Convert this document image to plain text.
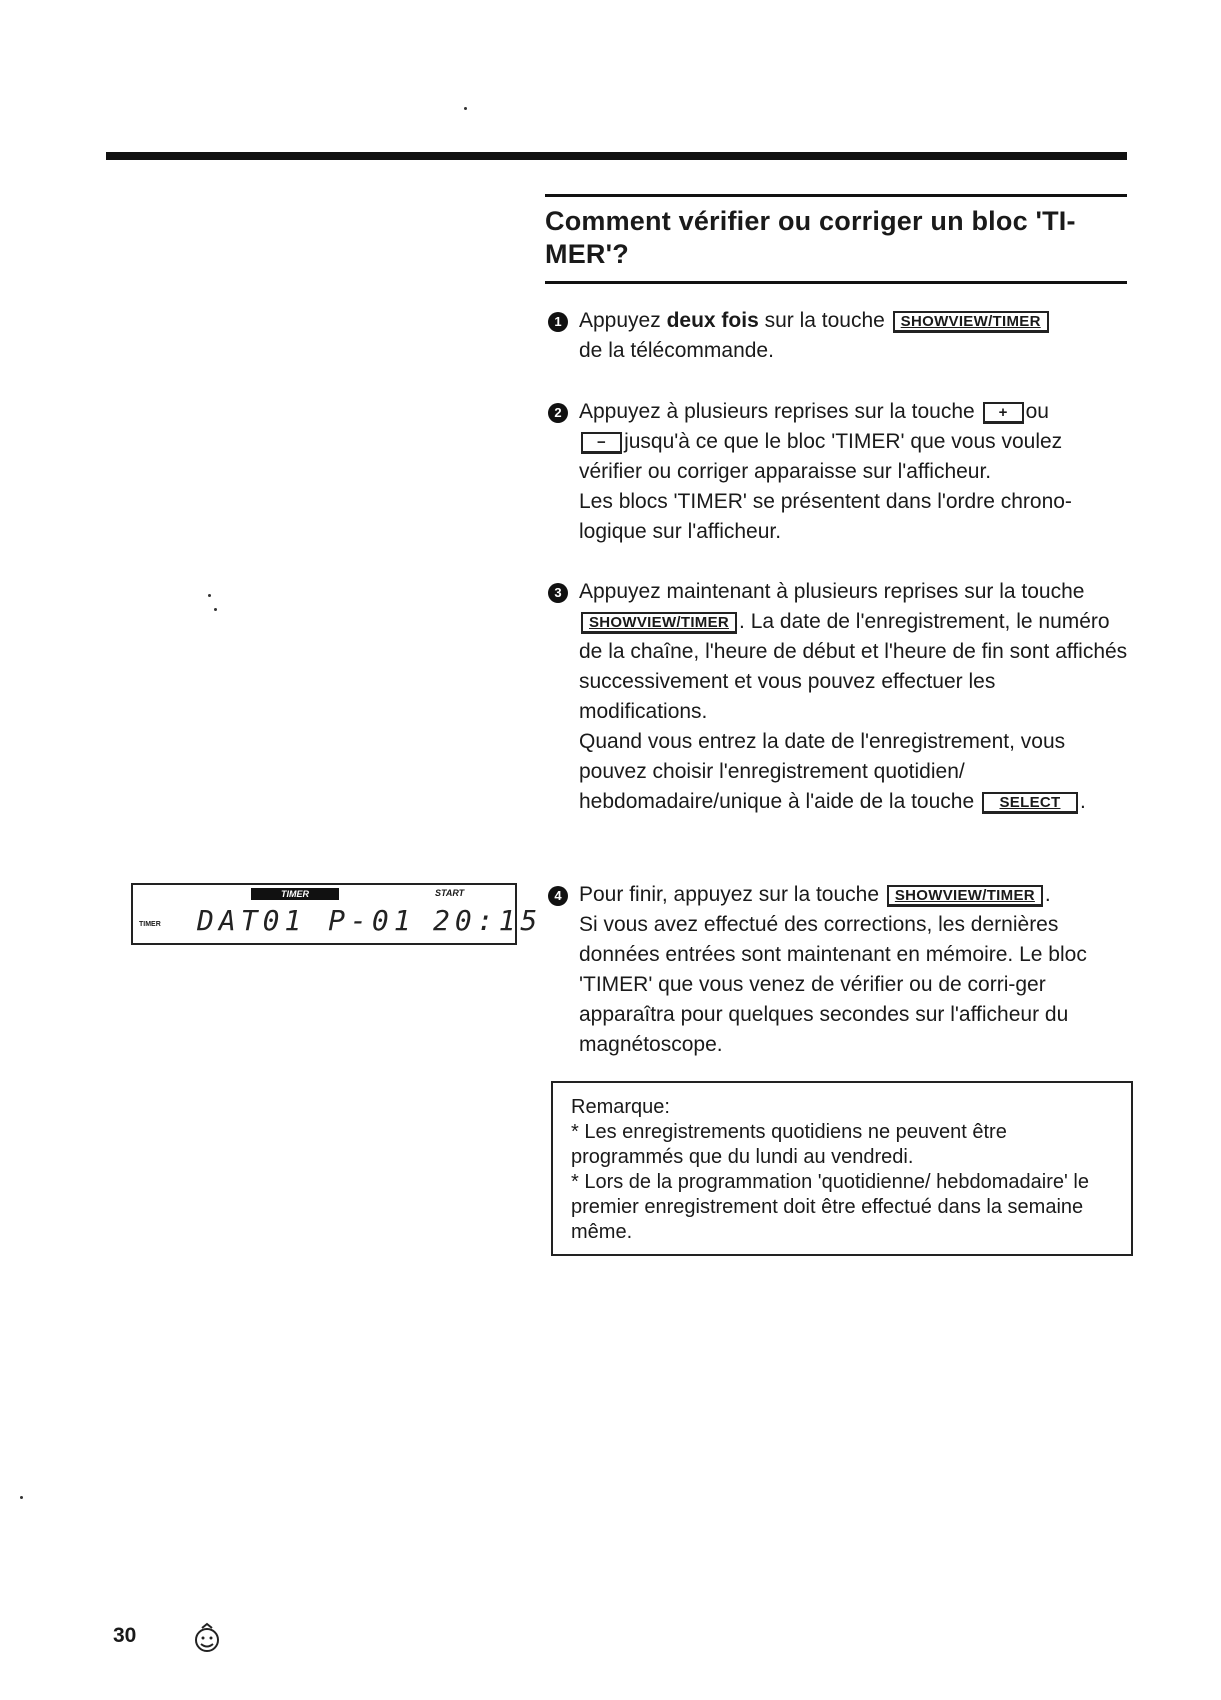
Comment vérifier ou corriger un bloc 'TI-
MER'?
1 Appuyez deux fois sur la touche SHOWVIEW/TIMER
de la télécommande.
2 Appuyez à plusieurs reprises sur la touche + ou
− jusqu'à ce que le bloc 'TIMER' que vous voulez vérifier ou corriger apparaisse sur l'afficheur.
Les blocs 'TIMER' se présentent dans l'ordre chrono-logique sur l'afficheur.
3 Appuyez maintenant à plusieurs reprises sur la touche SHOWVIEW/TIMER . La date de l'enregistrement, le numéro de la chaîne, l'heure de début et l'heure de fin sont affichés successivement et vous pouvez effectuer les modifications.
Quand vous entrez la date de l'enregistrement, vous pouvez choisir l'enregistrement quotidien/ hebdomadaire/unique à l'aide de la touche SELECT .
4 Pour finir, appuyez sur la touche SHOWVIEW/TIMER .
Si vous avez effectué des corrections, les dernières données entrées sont maintenant en mémoire. Le bloc 'TIMER' que vous venez de vérifier ou de corri-ger apparaîtra pour quelques secondes sur l'afficheur du magnétoscope.

Remarque:

* Les enregistrements quotidiens ne peuvent être programmés que du lundi au vendredi.

* Lors de la programmation 'quotidienne/ hebdomadaire' le premier enregistrement doit être effectué dans la semaine même.

TIMER	START
TIMER DAT01 P-01 20:15
30
